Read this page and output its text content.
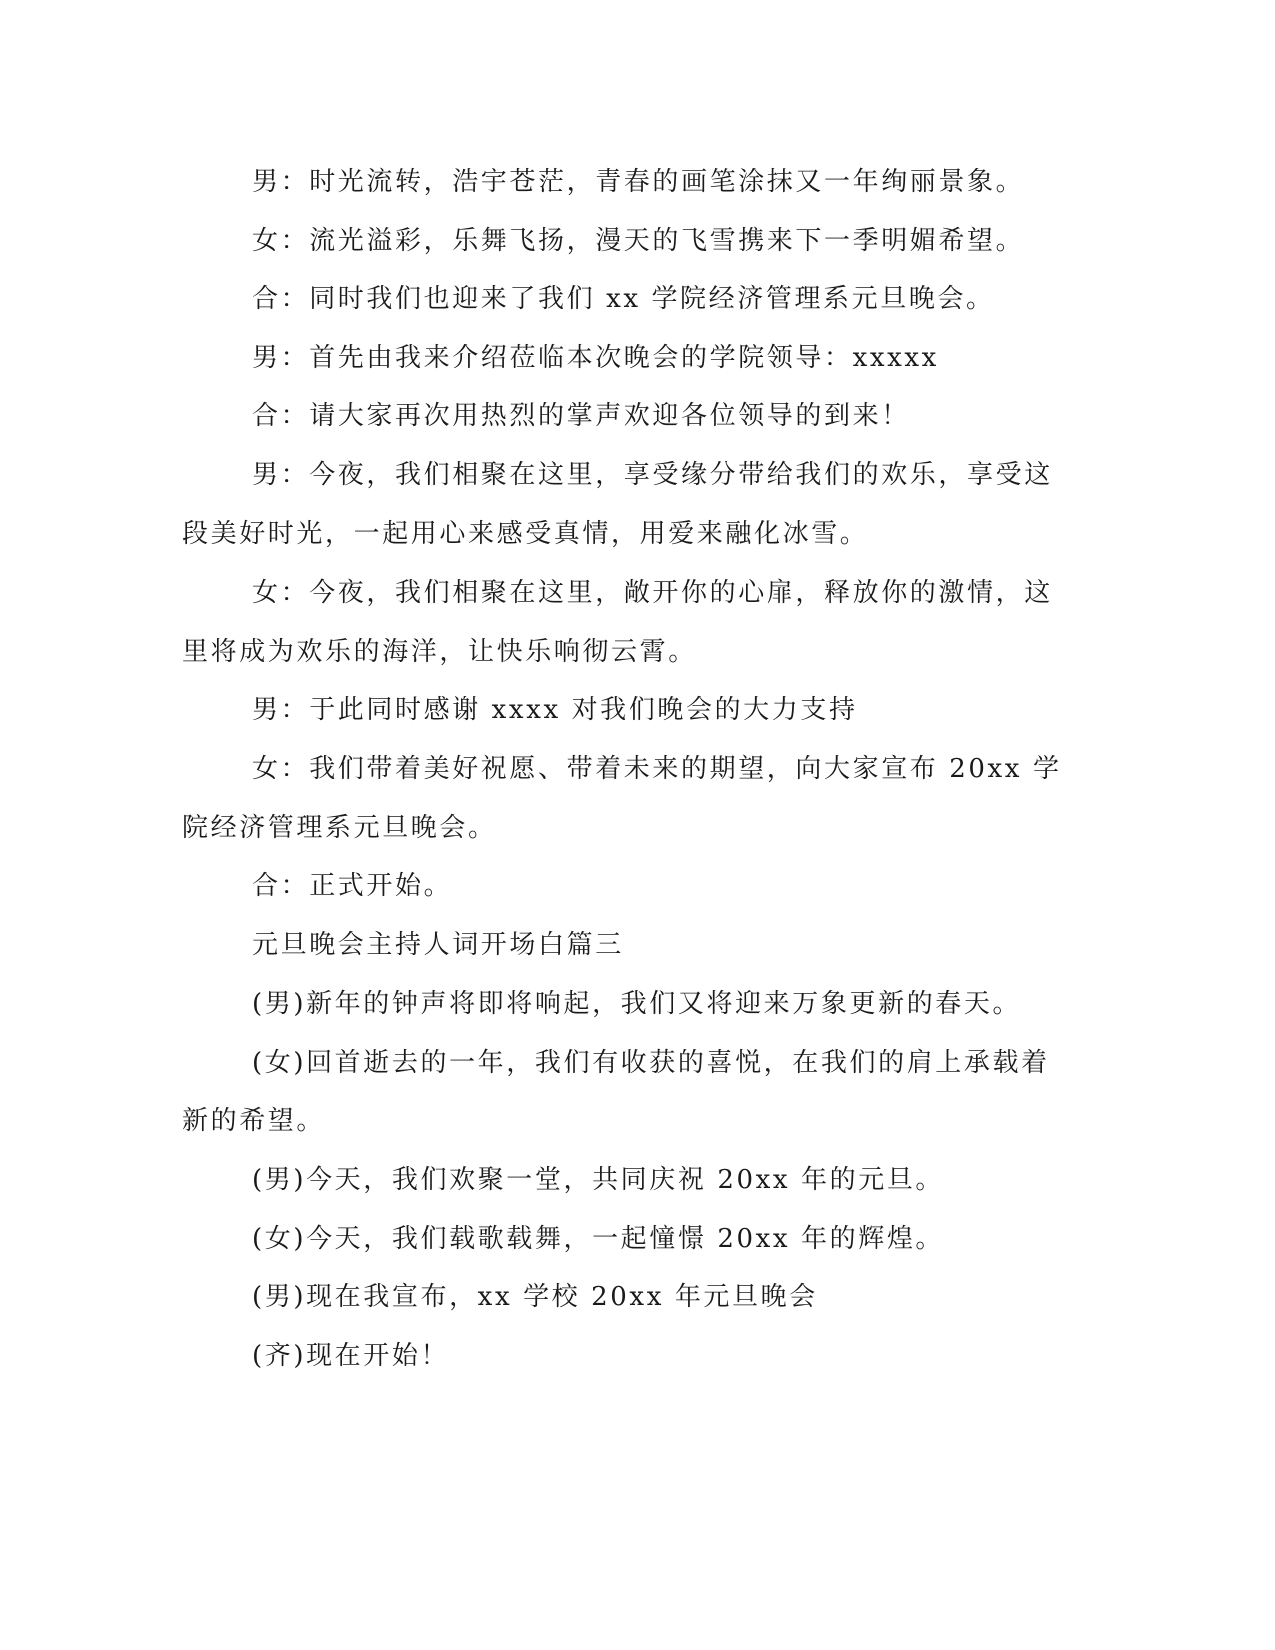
男：时光流转，浩宇苍茫，青春的画笔涂抹又一年绚丽景象。
女：流光溢彩，乐舞飞扬，漫天的飞雪携来下一季明媚希望。
合：同时我们也迎来了我们 xx 学院经济管理系元旦晚会。
男：首先由我来介绍莅临本次晚会的学院领导：xxxxx
合：请大家再次用热烈的掌声欢迎各位领导的到来！
男：今夜，我们相聚在这里，享受缘分带给我们的欢乐，享受这
段美好时光，一起用心来感受真情，用爱来融化冰雪。
女：今夜，我们相聚在这里，敞开你的心扉，释放你的激情，这
里将成为欢乐的海洋，让快乐响彻云霄。
男：于此同时感谢 xxxx 对我们晚会的大力支持
女：我们带着美好祝愿、带着未来的期望，向大家宣布 20xx 学
院经济管理系元旦晚会。
合：正式开始。
元旦晚会主持人词开场白篇三
(男)新年的钟声将即将响起，我们又将迎来万象更新的春天。
(女)回首逝去的一年，我们有收获的喜悦，在我们的肩上承载着
新的希望。
(男)今天，我们欢聚一堂，共同庆祝 20xx 年的元旦。
(女)今天，我们载歌载舞，一起憧憬 20xx 年的辉煌。
(男)现在我宣布，xx 学校 20xx 年元旦晚会
(齐)现在开始！
